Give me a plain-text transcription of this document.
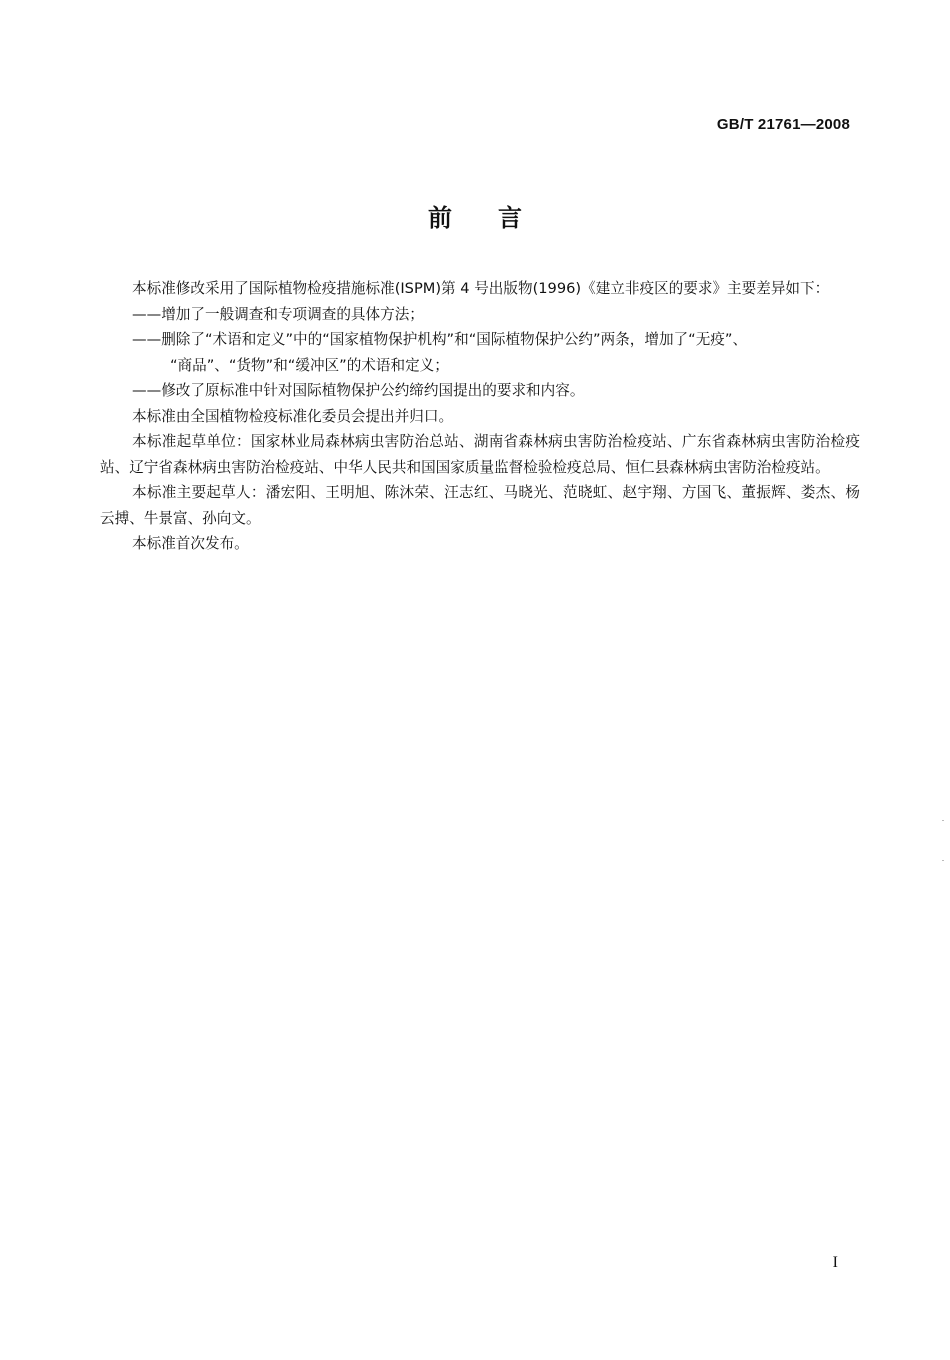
GB/T 21761—2008
前言

本标准修改采用了国际植物检疫措施标准(ISPM)第 4 号出版物(1996)《建立非疫区的要求》主要差异如下：

——增加了一般调查和专项调查的具体方法；

——删除了“术语和定义”中的“国家植物保护机构”和“国际植物保护公约”两条，增加了“无疫”、

“商品”、“货物”和“缓冲区”的术语和定义；

——修改了原标准中针对国际植物保护公约缔约国提出的要求和内容。

本标准由全国植物检疫标准化委员会提出并归口。

本标准起草单位：国家林业局森林病虫害防治总站、湖南省森林病虫害防治检疫站、广东省森林病虫害防治检疫站、辽宁省森林病虫害防治检疫站、中华人民共和国国家质量监督检验检疫总局、恒仁县森林病虫害防治检疫站。

本标准主要起草人：潘宏阳、王明旭、陈沐荣、汪志红、马晓光、范晓虹、赵宇翔、方国飞、董振辉、娄杰、杨云搏、牛景富、孙向文。

本标准首次发布。

I
